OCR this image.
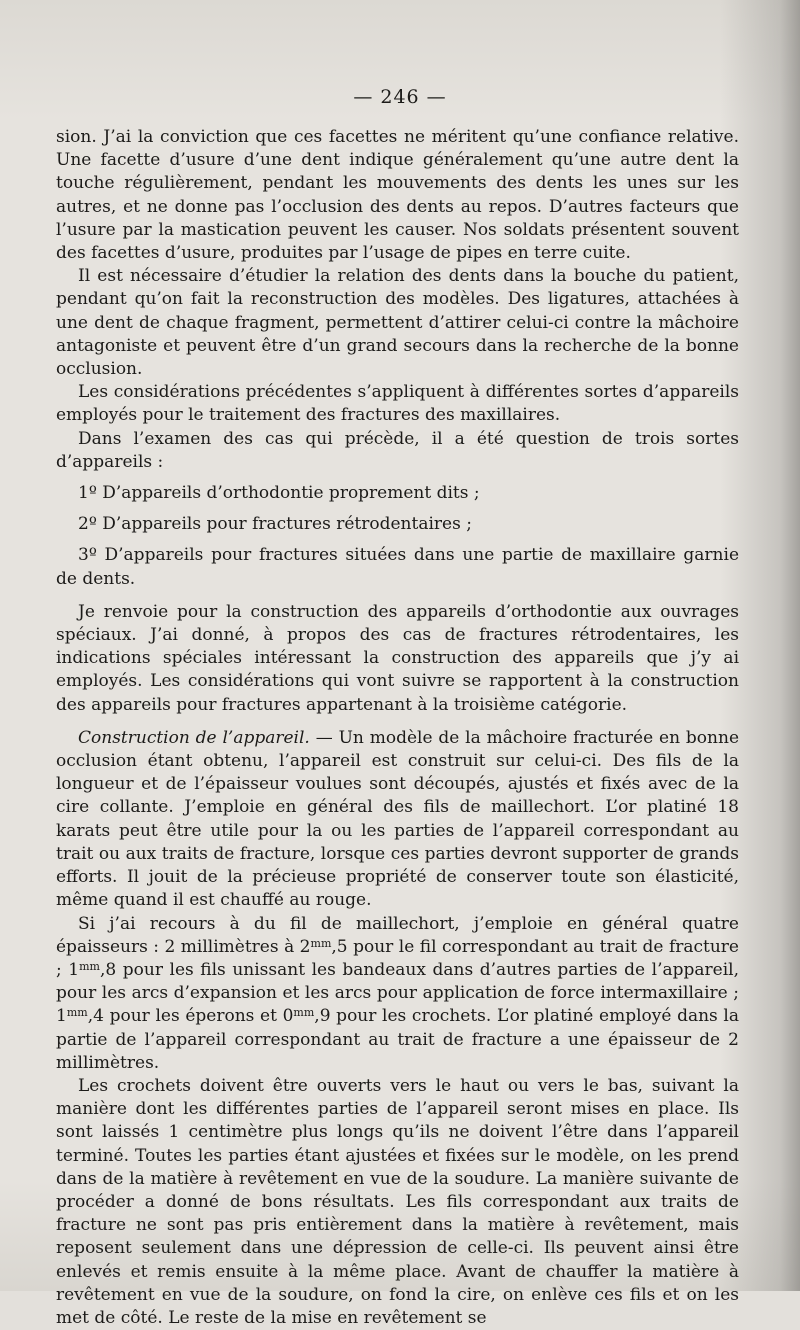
— 246 —

sion. J’ai la conviction que ces facettes ne méritent qu’une confiance relative. Une facette d’usure d’une dent indique généralement qu’une autre dent la touche régulièrement, pendant les mouvements des dents les unes sur les autres, et ne donne pas l’occlusion des dents au repos. D’autres facteurs que l’usure par la mastication peuvent les causer. Nos soldats présentent souvent des facettes d’usure, produites par l’usage de pipes en terre cuite.

Il est nécessaire d’étudier la relation des dents dans la bouche du patient, pendant qu’on fait la reconstruction des modèles. Des ligatures, attachées à une dent de chaque fragment, permettent d’attirer celui-ci contre la mâchoire antagoniste et peuvent être d’un grand secours dans la recherche de la bonne occlusion.

Les considérations précédentes s’appliquent à différentes sortes d’appareils employés pour le traitement des fractures des maxillaires.

Dans l’examen des cas qui précède, il a été question de trois sortes d’appareils :

1º D’appareils d’orthodontie proprement dits ;

2º D’appareils pour fractures rétrodentaires ;

3º D’appareils pour fractures situées dans une partie de maxillaire garnie de dents.

Je renvoie pour la construction des appareils d’orthodontie aux ouvrages spéciaux. J’ai donné, à propos des cas de fractures rétrodentaires, les indications spéciales intéressant la construction des appareils que j’y ai employés. Les considérations qui vont suivre se rapportent à la construction des appareils pour fractures appartenant à la troisième catégorie.

Construction de l’appareil. — Un modèle de la mâchoire fracturée en bonne occlusion étant obtenu, l’appareil est construit sur celui-ci. Des fils de la longueur et de l’épaisseur voulues sont découpés, ajustés et fixés avec de la cire collante. J’emploie en général des fils de maillechort. L’or platiné 18 karats peut être utile pour la ou les parties de l’appareil correspondant au trait ou aux traits de fracture, lorsque ces parties devront supporter de grands efforts. Il jouit de la précieuse propriété de conserver toute son élasticité, même quand il est chauffé au rouge.

Si j’ai recours à du fil de maillechort, j’emploie en général quatre épaisseurs : 2 millimètres à $2^{mm},5$ pour le fil correspondant au trait de fracture ; $1^{mm},8$ pour les fils unissant les bandeaux dans d’autres parties de l’appareil, pour les arcs d’expansion et les arcs pour application de force intermaxillaire ; $1^{mm},4$ pour les éperons et $0^{mm},9$ pour les crochets. L’or platiné employé dans la partie de l’appareil correspondant au trait de fracture a une épaisseur de 2 millimètres.

Les crochets doivent être ouverts vers le haut ou vers le bas, suivant la manière dont les différentes parties de l’appareil seront mises en place. Ils sont laissés 1 centimètre plus longs qu’ils ne doivent l’être dans l’appareil terminé. Toutes les parties étant ajustées et fixées sur le modèle, on les prend dans de la matière à revêtement en vue de la soudure. La manière suivante de procéder a donné de bons résultats. Les fils correspondant aux traits de fracture ne sont pas pris entièrement dans la matière à revêtement, mais reposent seulement dans une dépression de celle-ci. Ils peuvent ainsi être enlevés et remis ensuite à la même place. Avant de chauffer la matière à revêtement en vue de la soudure, on fond la cire, on enlève ces fils et on les met de côté. Le reste de la mise en revêtement se
